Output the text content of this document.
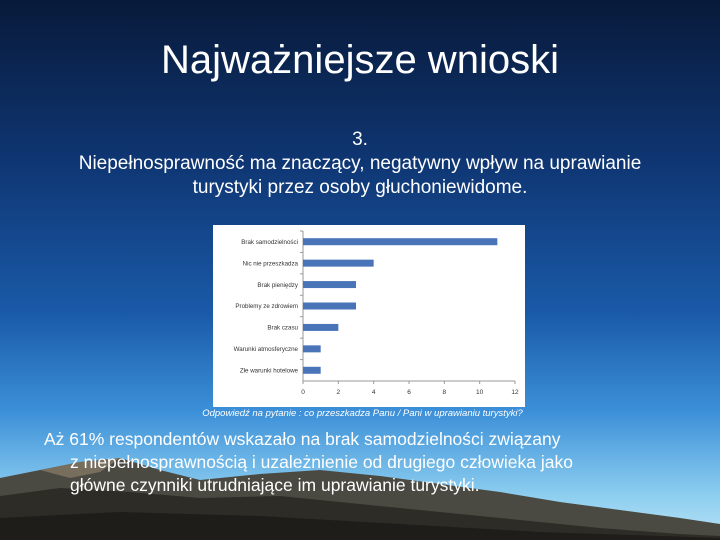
Najważniejsze wnioski
3.
Niepełnosprawność ma znaczący, negatywny wpływ na uprawianie turystyki przez osoby głuchoniewidome.
0	2	4	6	8	10	12
Brak samodzielności
Nic nie przeszkadza
Brak pieniędzy
Problemy ze zdrowiem
Brak czasu
Warunki atmosferyczne
Złe warunki hotelowe
Odpowiedź na pytanie : co przeszkadza Panu / Pani w uprawianiu turystyki?
Aż 61% respondentów wskazało na brak samodzielności związany
z niepełnosprawnością i uzależnienie od drugiego człowieka jako
główne czynniki utrudniające im uprawianie turystyki.
